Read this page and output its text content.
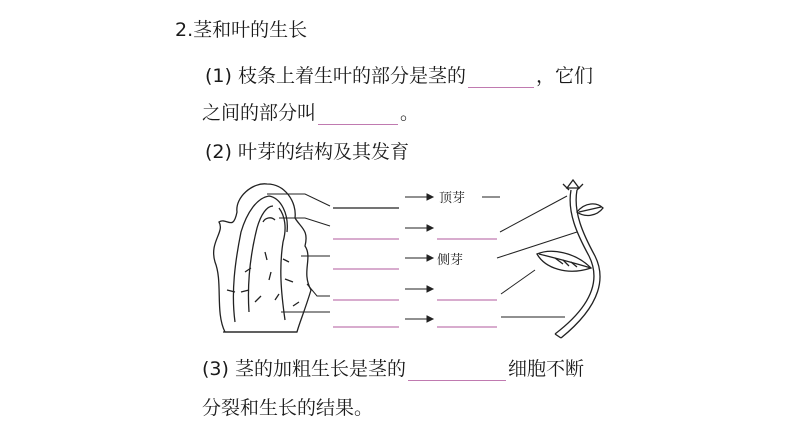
2.茎和叶的生长
(1) 枝条上着生叶的部分是茎的	，它们
之间的部分叫	。
(2) 叶芽的结构及其发育
顶芽
侧芽
(3) 茎的加粗生长是茎的	细胞不断
分裂和生长的结果。
